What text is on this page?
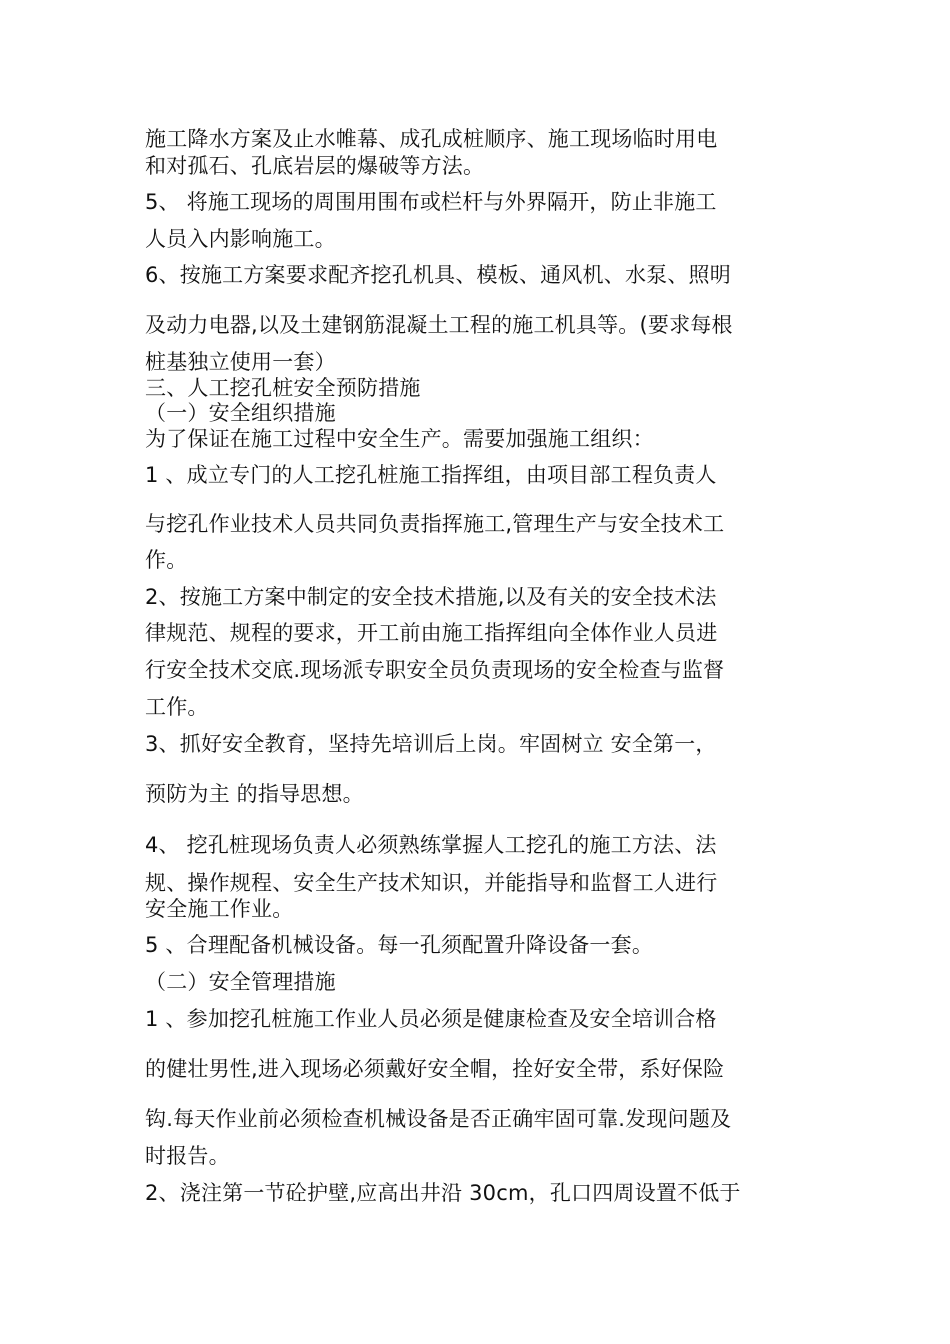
施工降水方案及止水帷幕、成孔成桩顺序、施工现场临时用电
和对孤石、孔底岩层的爆破等方法。
5、 将施工现场的周围用围布或栏杆与外界隔开，防止非施工
人员入内影响施工。
6、按施工方案要求配齐挖孔机具、模板、通风机、水泵、照明
及动力电器,以及土建钢筋混凝土工程的施工机具等。(要求每根
桩基独立使用一套）
三、人工挖孔桩安全预防措施
（一）安全组织措施
为了保证在施工过程中安全生产。需要加强施工组织：
1 、成立专门的人工挖孔桩施工指挥组，由项目部工程负责人
与挖孔作业技术人员共同负责指挥施工,管理生产与安全技术工
作。
2、按施工方案中制定的安全技术措施,以及有关的安全技术法
律规范、规程的要求，开工前由施工指挥组向全体作业人员进
行安全技术交底.现场派专职安全员负责现场的安全检查与监督
工作。
3、抓好安全教育，坚持先培训后上岗。牢固树立 安全第一，
预防为主 的指导思想。
4、 挖孔桩现场负责人必须熟练掌握人工挖孔的施工方法、法
规、操作规程、安全生产技术知识，并能指导和监督工人进行
安全施工作业。
5 、合理配备机械设备。每一孔须配置升降设备一套。
（二）安全管理措施
1 、参加挖孔桩施工作业人员必须是健康检查及安全培训合格
的健壮男性,进入现场必须戴好安全帽，拴好安全带，系好保险
钩.每天作业前必须检查机械设备是否正确牢固可靠.发现问题及
时报告。
2、浇注第一节砼护壁,应高出井沿 30cm，孔口四周设置不低于
